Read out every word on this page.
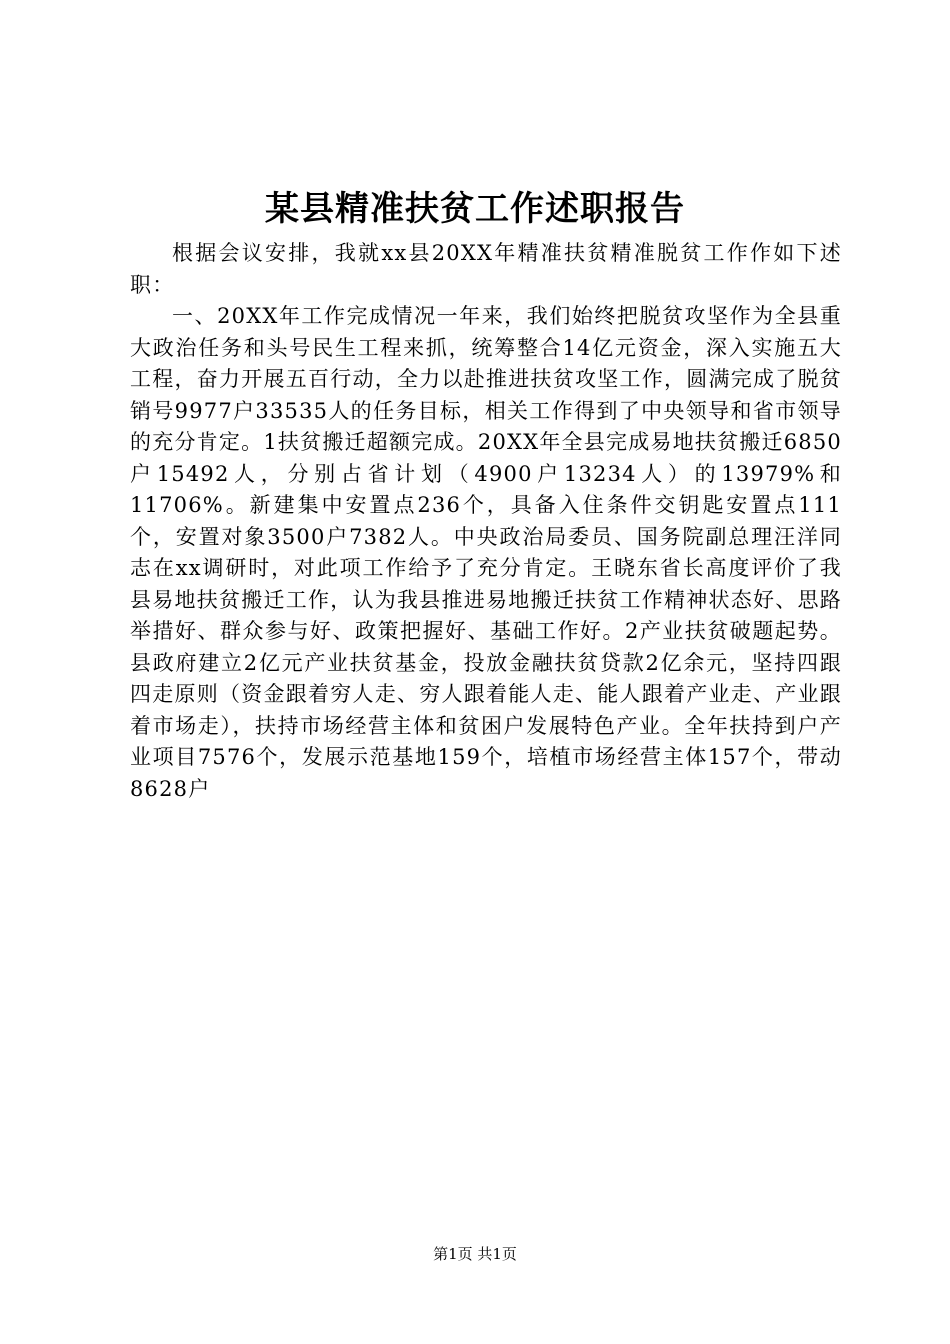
某县精准扶贫工作述职报告

根据会议安排，我就xx县20XX年精准扶贫精准脱贫工作作如下述职：

一、20XX年工作完成情况一年来，我们始终把脱贫攻坚作为全县重大政治任务和头号民生工程来抓，统筹整合14亿元资金，深入实施五大工程，奋力开展五百行动，全力以赴推进扶贫攻坚工作，圆满完成了脱贫销号9977户33535人的任务目标，相关工作得到了中央领导和省市领导的充分肯定。1扶贫搬迁超额完成。20XX年全县完成易地扶贫搬迁6850户15492人，分别占省计划（4900户13234人）的13979%和11706%。新建集中安置点236个，具备入住条件交钥匙安置点111个，安置对象3500户7382人。中央政治局委员、国务院副总理汪洋同志在xx调研时，对此项工作给予了充分肯定。王晓东省长高度评价了我县易地扶贫搬迁工作，认为我县推进易地搬迁扶贫工作精神状态好、思路举措好、群众参与好、政策把握好、基础工作好。2产业扶贫破题起势。县政府建立2亿元产业扶贫基金，投放金融扶贫贷款2亿余元，坚持四跟四走原则（资金跟着穷人走、穷人跟着能人走、能人跟着产业走、产业跟着市场走），扶持市场经营主体和贫困户发展特色产业。全年扶持到户产业项目7576个，发展示范基地159个，培植市场经营主体157个，带动8628户

第1页 共1页
